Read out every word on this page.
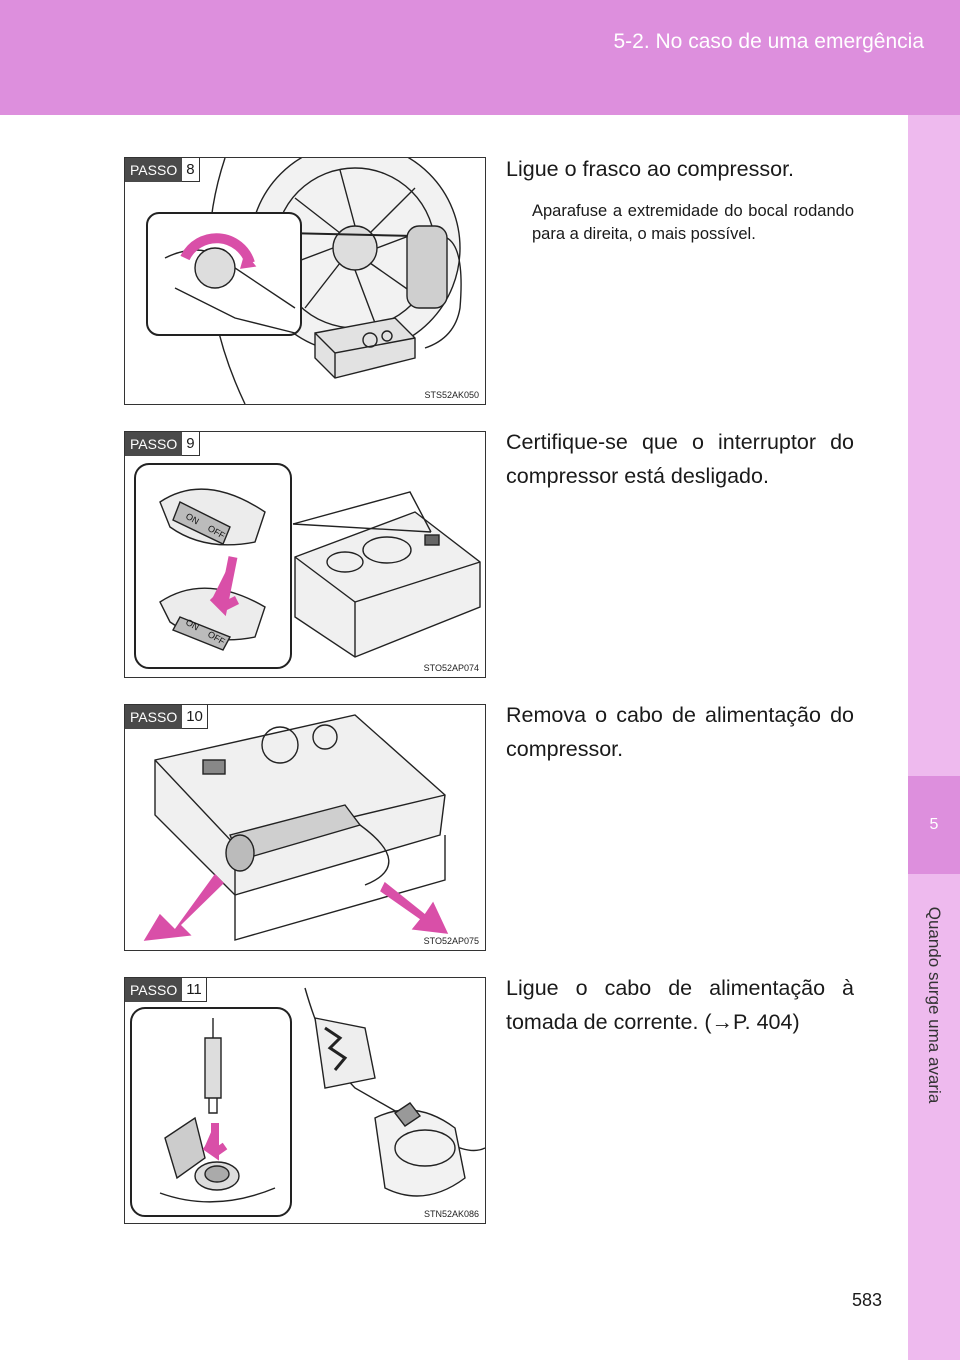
5-2. No caso de uma emergência
5
Quando surge uma avaria
PASSO 8
STS52AK050
Ligue o frasco ao compressor.
Aparafuse a extremidade do bocal rodando para a direita, o mais possível.
PASSO 9
ON
OFF
ON
OFF
STO52AP074
Certifique-se que o interruptor do compressor está desligado.
PASSO 10
STO52AP075
Remova o cabo de alimentação do compressor.
PASSO 11
STN52AK086
Ligue o cabo de alimentação à tomada de corrente. (→P. 404)
583
